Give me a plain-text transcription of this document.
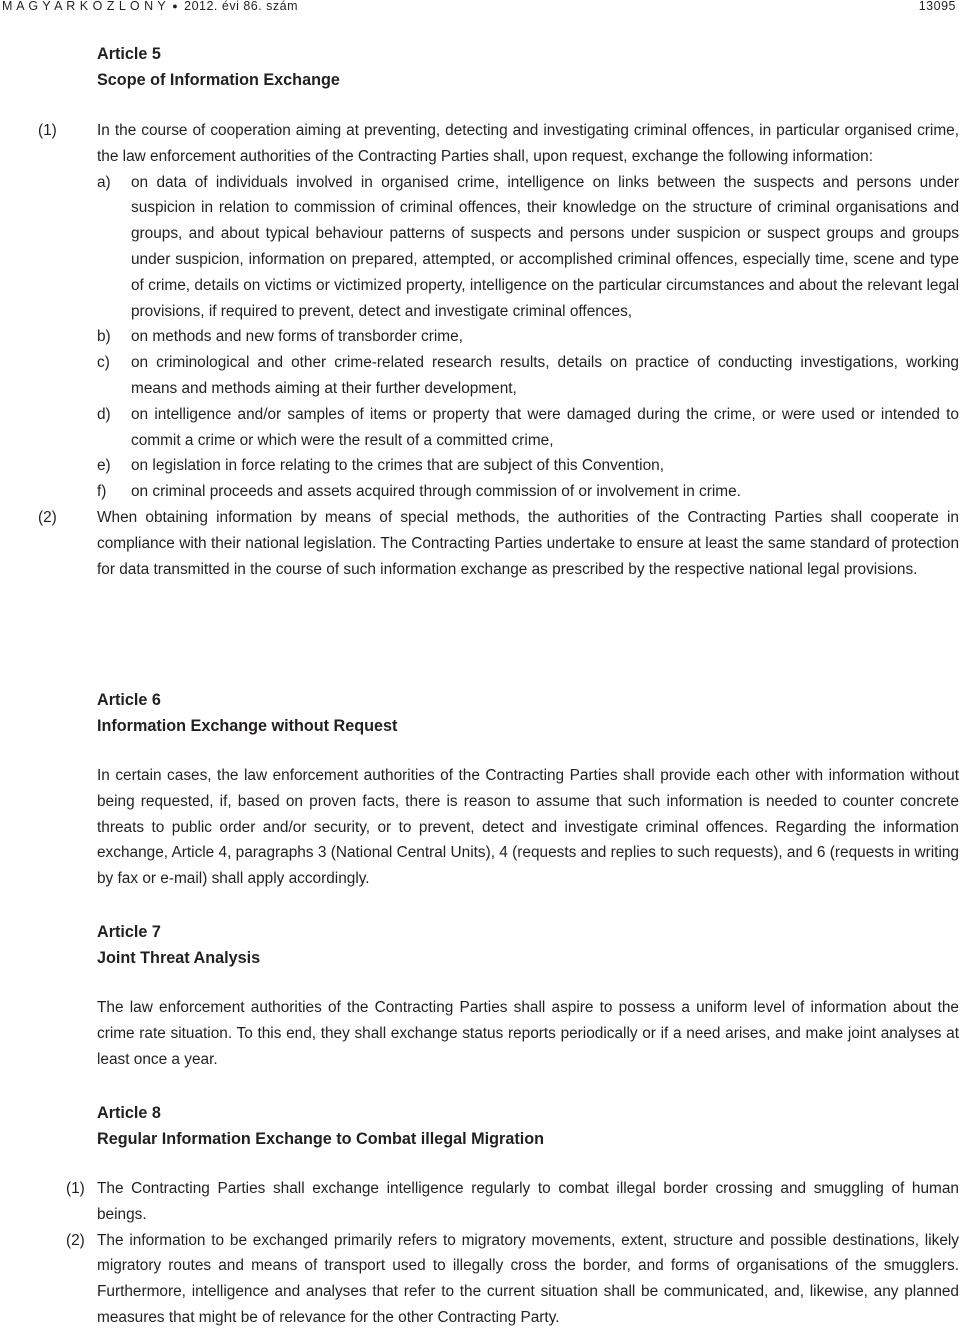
M A G Y A R K Ö Z L Ö N Y ● 2012. évi 86. szám	13095

Article 5

Scope of Information Exchange

(1)	In the course of cooperation aiming at preventing, detecting and investigating criminal offences, in particular organised crime, the law enforcement authorities of the Contracting Parties shall, upon request, exchange the following information:

a) on data of individuals involved in organised crime, intelligence on links between the suspects and persons under suspicion in relation to commission of criminal offences, their knowledge on the structure of criminal organisations and groups, and about typical behaviour patterns of suspects and persons under suspicion or suspect groups and groups under suspicion, information on prepared, attempted, or accomplished criminal offences, especially time, scene and type of crime, details on victims or victimized property, intelligence on the particular circumstances and about the relevant legal provisions, if required to prevent, detect and investigate criminal offences,

b) on methods and new forms of transborder crime,

c) on criminological and other crime-related research results, details on practice of conducting investigations, working means and methods aiming at their further development,

d) on intelligence and/or samples of items or property that were damaged during the crime, or were used or intended to commit a crime or which were the result of a committed crime,

e) on legislation in force relating to the crimes that are subject of this Convention,

f) on criminal proceeds and assets acquired through commission of or involvement in crime.

(2)	When obtaining information by means of special methods, the authorities of the Contracting Parties shall cooperate in compliance with their national legislation. The Contracting Parties undertake to ensure at least the same standard of protection for data transmitted in the course of such information exchange as prescribed by the respective national legal provisions.

Article 6

Information Exchange without Request

In certain cases, the law enforcement authorities of the Contracting Parties shall provide each other with information without being requested, if, based on proven facts, there is reason to assume that such information is needed to counter concrete threats to public order and/or security, or to prevent, detect and investigate criminal offences. Regarding the information exchange, Article 4, paragraphs 3 (National Central Units), 4 (requests and replies to such requests), and 6 (requests in writing by fax or e-mail) shall apply accordingly.

Article 7

Joint Threat Analysis

The law enforcement authorities of the Contracting Parties shall aspire to possess a uniform level of information about the crime rate situation. To this end, they shall exchange status reports periodically or if a need arises, and make joint analyses at least once a year.

Article 8

Regular Information Exchange to Combat illegal Migration

(1) The Contracting Parties shall exchange intelligence regularly to combat illegal border crossing and smuggling of human beings.

(2) The information to be exchanged primarily refers to migratory movements, extent, structure and possible destinations, likely migratory routes and means of transport used to illegally cross the border, and forms of organisations of the smugglers. Furthermore, intelligence and analyses that refer to the current situation shall be communicated, and, likewise, any planned measures that might be of relevance for the other Contracting Party.
